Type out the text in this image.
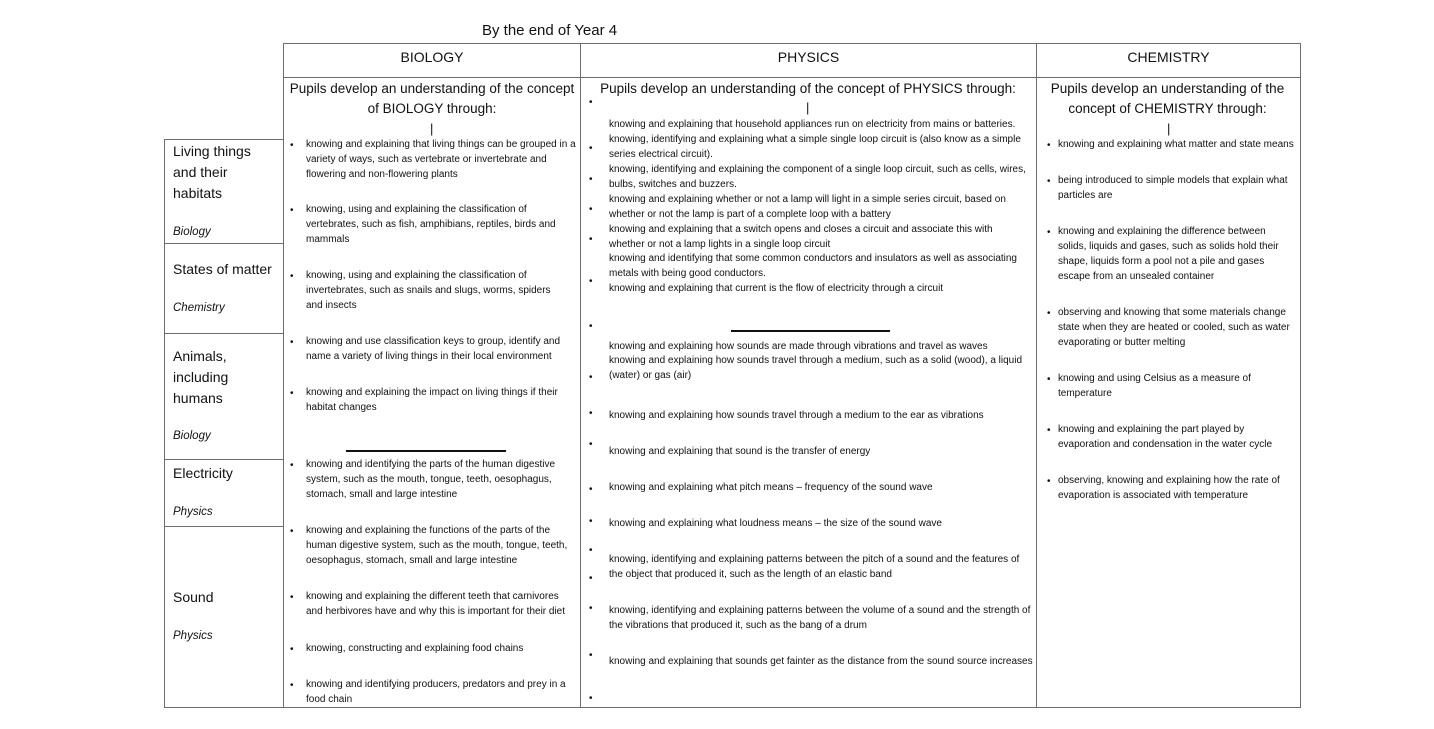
By the end of Year 4
BIOLOGY	PHYSICS	CHEMISTRY
Living things and their habitats
Biology
States of matter
Chemistry
Animals, including humans
Biology
Electricity
Physics
Sound
Physics
Pupils develop an understanding of the concept of BIOLOGY through:
|
Pupils develop an understanding of the concept of PHYSICS through:
|
Pupils develop an understanding of the concept of CHEMISTRY through:
|
• knowing and explaining that living things can be grouped in a variety of ways, such as vertebrate or invertebrate and flowering and non-flowering plants
• knowing, using and explaining the classification of vertebrates, such as fish, amphibians, reptiles, birds and mammals
• knowing, using and explaining the classification of invertebrates, such as snails and slugs, worms, spiders and insects
• knowing and use classification keys to group, identify and name a variety of living things in their local environment
• knowing and explaining the impact on living things if their habitat changes
• knowing and identifying the parts of the human digestive system, such as the mouth, tongue, teeth, oesophagus, stomach, small and large intestine
• knowing and explaining the functions of the parts of the human digestive system, such as the mouth, tongue, teeth, oesophagus, stomach, small and large intestine
• knowing and explaining the different teeth that carnivores and herbivores have and why this is important for their diet
• knowing, constructing and explaining food chains
• knowing and identifying producers, predators and prey in a food chain
•
•
•
•
•
•
•
•
•
•
•
•
•
•
•
•
•
knowing and explaining that household appliances run on electricity from mains or batteries.
knowing, identifying and explaining what a simple single loop circuit is (also know as a simple series electrical circuit).
knowing, identifying and explaining the component of a single loop circuit, such as cells, wires, bulbs, switches and buzzers.
knowing and explaining whether or not a lamp will light in a simple series circuit, based on whether or not the lamp is part of a complete loop with a battery
knowing and explaining that a switch opens and closes a circuit and associate this with whether or not a lamp lights in a single loop circuit
knowing and identifying that some common conductors and insulators as well as associating metals with being good conductors.
knowing and explaining that current is the flow of electricity through a circuit
knowing and explaining how sounds are made through vibrations and travel as waves
knowing and explaining how sounds travel through a medium, such as a solid (wood), a liquid (water) or gas (air)
knowing and explaining how sounds travel through a medium to the ear as vibrations
knowing and explaining that sound is the transfer of energy
knowing and explaining what pitch means – frequency of the sound wave
knowing and explaining what loudness means – the size of the sound wave
knowing, identifying and explaining patterns between the pitch of a sound and the features of the object that produced it, such as the length of an elastic band
knowing, identifying and explaining patterns between the volume of a sound and the strength of the vibrations that produced it, such as the bang of a drum
knowing and explaining that sounds get fainter as the distance from the sound source increases
• knowing and explaining what matter and state means
• being introduced to simple models that explain what particles are
• knowing and explaining the difference between solids, liquids and gases, such as solids hold their shape, liquids form a pool not a pile and gases escape from an unsealed container
• observing and knowing that some materials change state when they are heated or cooled, such as water evaporating or butter melting
• knowing and using Celsius as a measure of temperature
• knowing and explaining the part played by evaporation and condensation in the water cycle
• observing, knowing and explaining how the rate of evaporation is associated with temperature
